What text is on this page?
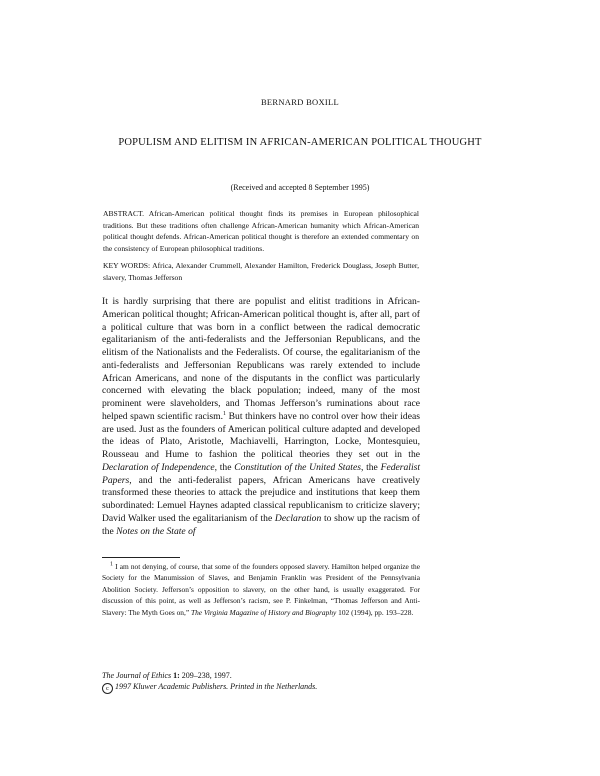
BERNARD BOXILL
POPULISM AND ELITISM IN AFRICAN-AMERICAN POLITICAL THOUGHT
(Received and accepted 8 September 1995)
ABSTRACT. African-American political thought finds its premises in European philosophical traditions. But these traditions often challenge African-American humanity which African-American political thought defends. African-American political thought is therefore an extended commentary on the consistency of European philosophical traditions.
KEY WORDS: Africa, Alexander Crummell, Alexander Hamilton, Frederick Douglass, Joseph Butter, slavery, Thomas Jefferson

It is hardly surprising that there are populist and elitist traditions in African-American political thought; African-American political thought is, after all, part of a political culture that was born in a conflict between the radical democratic egalitarianism of the anti-federalists and the Jeffersonian Republicans, and the elitism of the Nationalists and the Federalists. Of course, the egalitarianism of the anti-federalists and Jeffersonian Republicans was rarely extended to include African Americans, and none of the disputants in the conflict was particularly concerned with elevating the black population; indeed, many of the most prominent were slaveholders, and Thomas Jefferson’s ruminations about race helped spawn scientific racism.$^1$ But thinkers have no control over how their ideas are used. Just as the founders of American political culture adapted and developed the ideas of Plato, Aristotle, Machiavelli, Harrington, Locke, Montesquieu, Rousseau and Hume to fashion the political theories they set out in the Declaration of Independence, the Constitution of the United States, the Federalist Papers, and the anti-federalist papers, African Americans have creatively transformed these theories to attack the prejudice and institutions that keep them subordinated: Lemuel Haynes adapted classical republicanism to criticize slavery; David Walker used the egalitarianism of the Declaration to show up the racism of the Notes on the State of

$^1$ I am not denying, of course, that some of the founders opposed slavery. Hamilton helped organize the Society for the Manumission of Slaves, and Benjamin Franklin was President of the Pennsylvania Abolition Society. Jefferson’s opposition to slavery, on the other hand, is usually exaggerated. For discussion of this point, as well as Jefferson’s racism, see P. Finkelman, “Thomas Jefferson and Anti-Slavery: The Myth Goes on,” The Virginia Magazine of History and Biography 102 (1994), pp. 193–228.

The Journal of Ethics 1: 209–238, 1997.
c 1997 Kluwer Academic Publishers. Printed in the Netherlands.
